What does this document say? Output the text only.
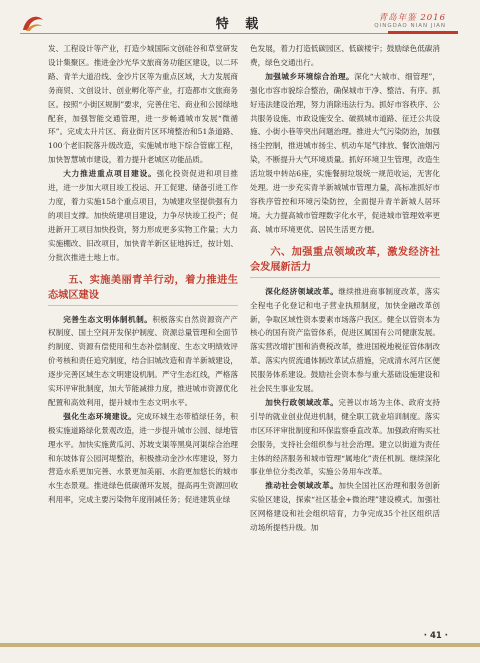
特 载	青岛年鉴 2016
QINGDAO NIAN JIAN

发、工程设计等产业，打造少城国际文创硅谷和草堂研发设计集聚区。推进金沙光华文旅商务功能区建设，以二环路、青羊大道沿线、金沙片区等为重点区域，大力发展商务商贸、文创设计、创业孵化等产业，打造都市文旅商务区。按照“小街区规制”要求，完善住宅、商业和公园绿地配套，加强智能交通管理，进一步畅通城市发展“微循环”。完成太升片区、商业街片区环境整治和51条道路、100个老旧院落升级改造，实施城市地下综合管廊工程，加快智慧城市建设，着力提升老城区功能品质。

大力推进重点项目建设。强化投资促进和项目推进，进一步加大项目竣工投运、开工促建、储备引进工作力度，着力实施158个重点项目，为城建攻坚提供强有力的项目支撑。加快统建项目建设，力争尽快竣工投产；促进新开工项目加快投资，努力形成更多实物工作量；大力实施棚改、旧改项目，加快青羊新区征地拆迁，按计划、分批次推进土地上市。

五、实施美丽青羊行动，着力推进生态城区建设

完善生态文明体制机制。积极落实自然资源资产产权制度、国土空间开发保护制度、资源总量管理和全面节约制度、资源有偿使用和生态补偿制度、生态文明绩效评价考核和责任追究制度，结合旧城改造和青羊新城建设，逐步完善区域生态文明建设机制。严守生态红线，严格落实环评审批制度，加大节能减排力度，推进城市资源优化配置和高效利用，提升城市生态文明水平。

强化生态环境建设。完成环城生态带植绿任务，积极实施道路绿化景观改造，进一步提升城市公园、绿地管理水平。加快实施黄瓜河、苏坡支渠等黑臭河渠综合治理和东坡体育公园河堤整治，积极推动金沙水库建设，努力营造水系更加完善、水景更加美丽、水韵更加悠长的城市水生态景观。推进绿色低碳循环发展，提高再生资源回收利用率，完成主要污染物年度削减任务；促进建筑业绿

色发展，着力打造低碳园区、低碳楼宇；鼓励绿色低碳消费，绿色交通出行。

加强城乡环境综合治理。深化“大城市、细管理”，强化市容市貌综合整治，确保城市干净、整洁、有序。抓好违法建设治理，努力消除违法行为。抓好市容秩序、公共服务设施、市政设施安全、破损城市道路、征迁公共设施、小街小巷等突出问题治理。推进大气污染防治，加强扬尘控制，推进城市扬尘、机动车尾气排放、餐饮油烟污染，不断提升大气环境质量。抓好环境卫生管理，改造生活垃圾中转站6座，实施餐厨垃圾统一规范收运，无害化处理。进一步充实青羊新城城市管理力量，高标准抓好市容秩序管控和环境污染防控，全面提升青羊新城人居环境。大力提高城市管理数字化水平，促进城市管理效率更高、城市环境更优、居民生活更方便。

六、加强重点领域改革，激发经济社会发展新活力

深化经济领域改革。继续推进商事制度改革，落实全程电子化登记和电子营业执照制度，加快金融改革创新，争取区域性资本要素市场落户我区。健全以管资本为核心的国有资产监管体系，促进区属国有公司健康发展。落实营改增扩围和消费税改革，推进国税地税征管体制改革。落实内贸流通体制改革试点措施，完成清水河片区便民服务体系建设。鼓励社会资本参与重大基础设施建设和社会民生事业发展。

加快行政领域改革。完善以市场为主体、政府支持引导的就业创业促进机制，健全职工就业培训制度。落实市区环评审批制度和环保监察垂直改革。加强政府购买社会服务，支持社会组织参与社会治理。建立以街道为责任主体的经济服务和城市管理“属地化”责任机制。继续深化事业单位分类改革，实施公务用车改革。

推动社会领域改革。加快全国社区治理和服务创新实验区建设，探索“社区基金+微治理”建设模式。加强社区网格建设和社会组织培育，力争完成35个社区组织活动场所提档升级。加

· 41 ·
